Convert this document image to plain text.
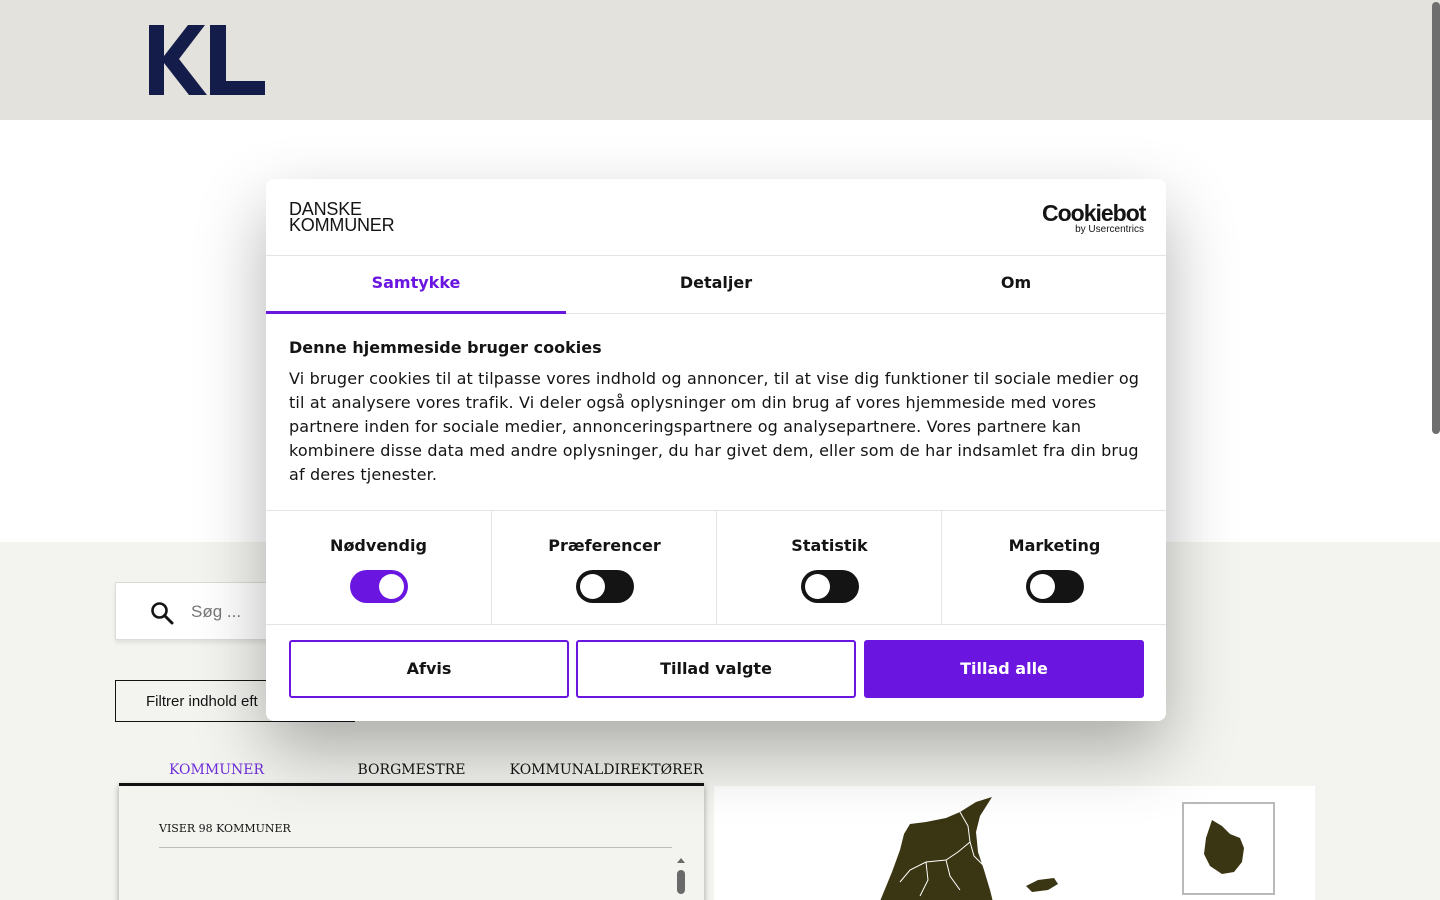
Søg ...
Filtrer indhold eft
KOMMUNER	BORGMESTRE	KOMMUNALDIREKTØRER
VISER 98 KOMMUNER
DANSKE
KOMMUNER	Cookiebot
by Usercentrics
Samtykke	Detaljer	Om
Denne hjemmeside bruger cookies
Vi bruger cookies til at tilpasse vores indhold og annoncer, til at vise dig funktioner til sociale medier og til at analysere vores trafik. Vi deler også oplysninger om din brug af vores hjemmeside med vores partnere inden for sociale medier, annonceringspartnere og analysepartnere. Vores partnere kan kombinere disse data med andre oplysninger, du har givet dem, eller som de har indsamlet fra din brug af deres tjenester.
Nødvendig	Præferencer	Statistik	Marketing
Afvis	Tillad valgte	Tillad alle
